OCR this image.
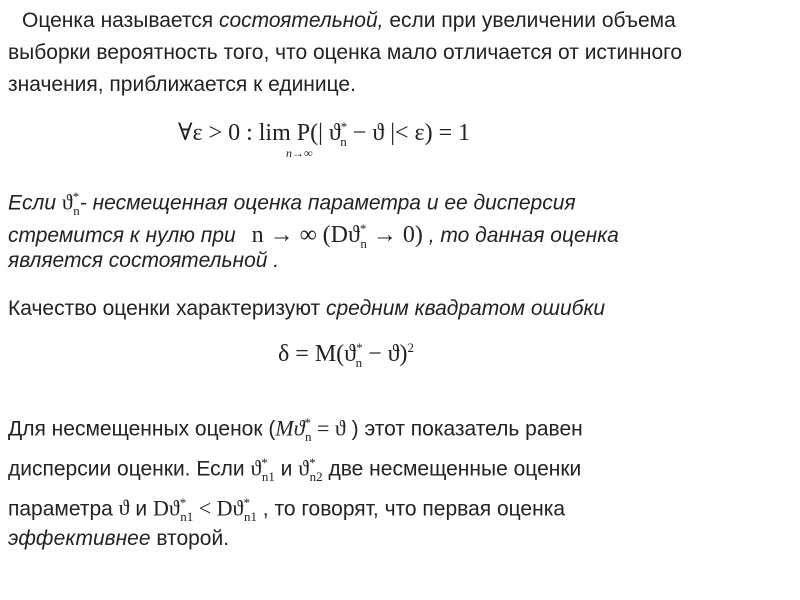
Оценка называется состоятельной, если при увеличении объема
выборки вероятность того, что оценка мало отличается от истинного
значения, приближается к единице.
∀ε > 0 : lim P(| $ϑ^*_n - ϑ$ |< ε) = 1
n→∞
Если $ϑ^*_n-$ несмещенная оценка параметра и ее дисперсия
стремится к нулю при n → ∞ $(Dϑ^*_n \to 0)$ , то данная оценка
является состоятельной .
Качество оценки характеризуют средним квадратом ошибки
$\delta = M(ϑ^*_n - ϑ)^2$
Для несмещенных оценок ($Mϑ^*_n = ϑ$ ) этот показатель равен
дисперсии оценки. Если $ϑ^*_{n1}$ и $ϑ^*_{n2}$ две несмещенные оценки
параметра ϑ и $Dϑ^*_{n1} < Dϑ^*_{n1}$ , то говорят, что первая оценка
эффективнее второй.
